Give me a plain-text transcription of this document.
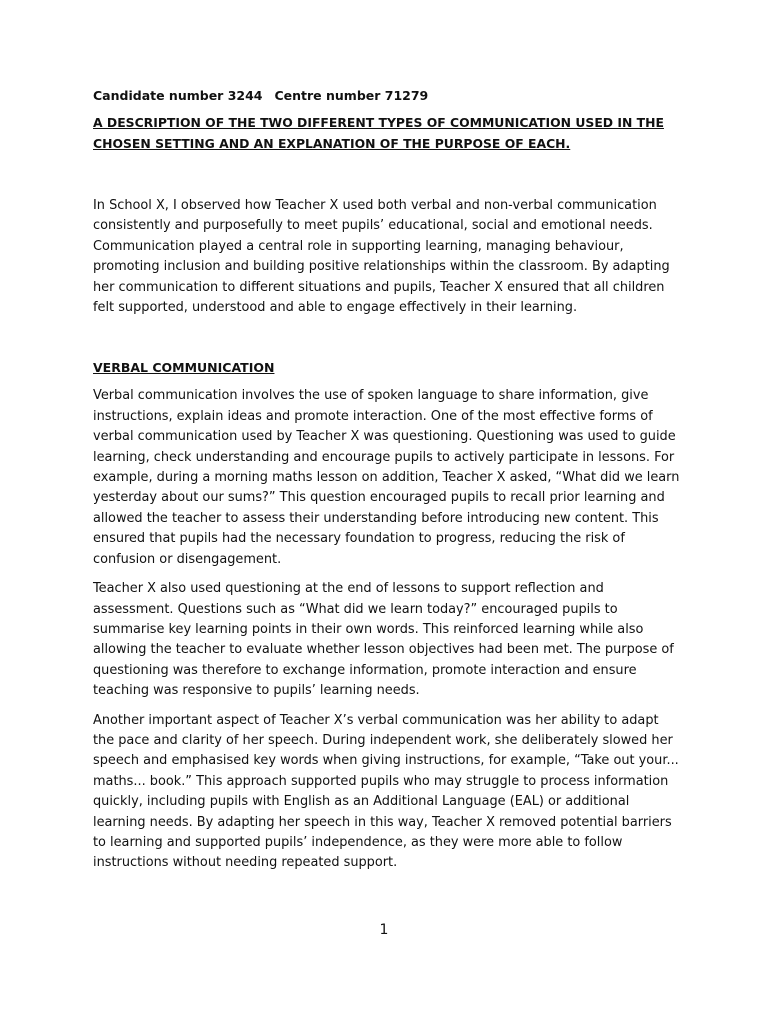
Candidate number 3244 Centre number 71279

A DESCRIPTION OF THE TWO DIFFERENT TYPES OF COMMUNICATION USED IN THE CHOSEN SETTING AND AN EXPLANATION OF THE PURPOSE OF EACH.

In School X, I observed how Teacher X used both verbal and non-verbal communication consistently and purposefully to meet pupils’ educational, social and emotional needs. Communication played a central role in supporting learning, managing behaviour, promoting inclusion and building positive relationships within the classroom. By adapting her communication to different situations and pupils, Teacher X ensured that all children felt supported, understood and able to engage effectively in their learning.

VERBAL COMMUNICATION

Verbal communication involves the use of spoken language to share information, give instructions, explain ideas and promote interaction. One of the most effective forms of verbal communication used by Teacher X was questioning. Questioning was used to guide learning, check understanding and encourage pupils to actively participate in lessons. For example, during a morning maths lesson on addition, Teacher X asked, “What did we learn yesterday about our sums?” This question encouraged pupils to recall prior learning and allowed the teacher to assess their understanding before introducing new content. This ensured that pupils had the necessary foundation to progress, reducing the risk of confusion or disengagement.

Teacher X also used questioning at the end of lessons to support reflection and assessment. Questions such as “What did we learn today?” encouraged pupils to summarise key learning points in their own words. This reinforced learning while also allowing the teacher to evaluate whether lesson objectives had been met. The purpose of questioning was therefore to exchange information, promote interaction and ensure teaching was responsive to pupils’ learning needs.

Another important aspect of Teacher X’s verbal communication was her ability to adapt the pace and clarity of her speech. During independent work, she deliberately slowed her speech and emphasised key words when giving instructions, for example, “Take out your... maths... book.” This approach supported pupils who may struggle to process information quickly, including pupils with English as an Additional Language (EAL) or additional learning needs. By adapting her speech in this way, Teacher X removed potential barriers to learning and supported pupils’ independence, as they were more able to follow instructions without needing repeated support.

1
